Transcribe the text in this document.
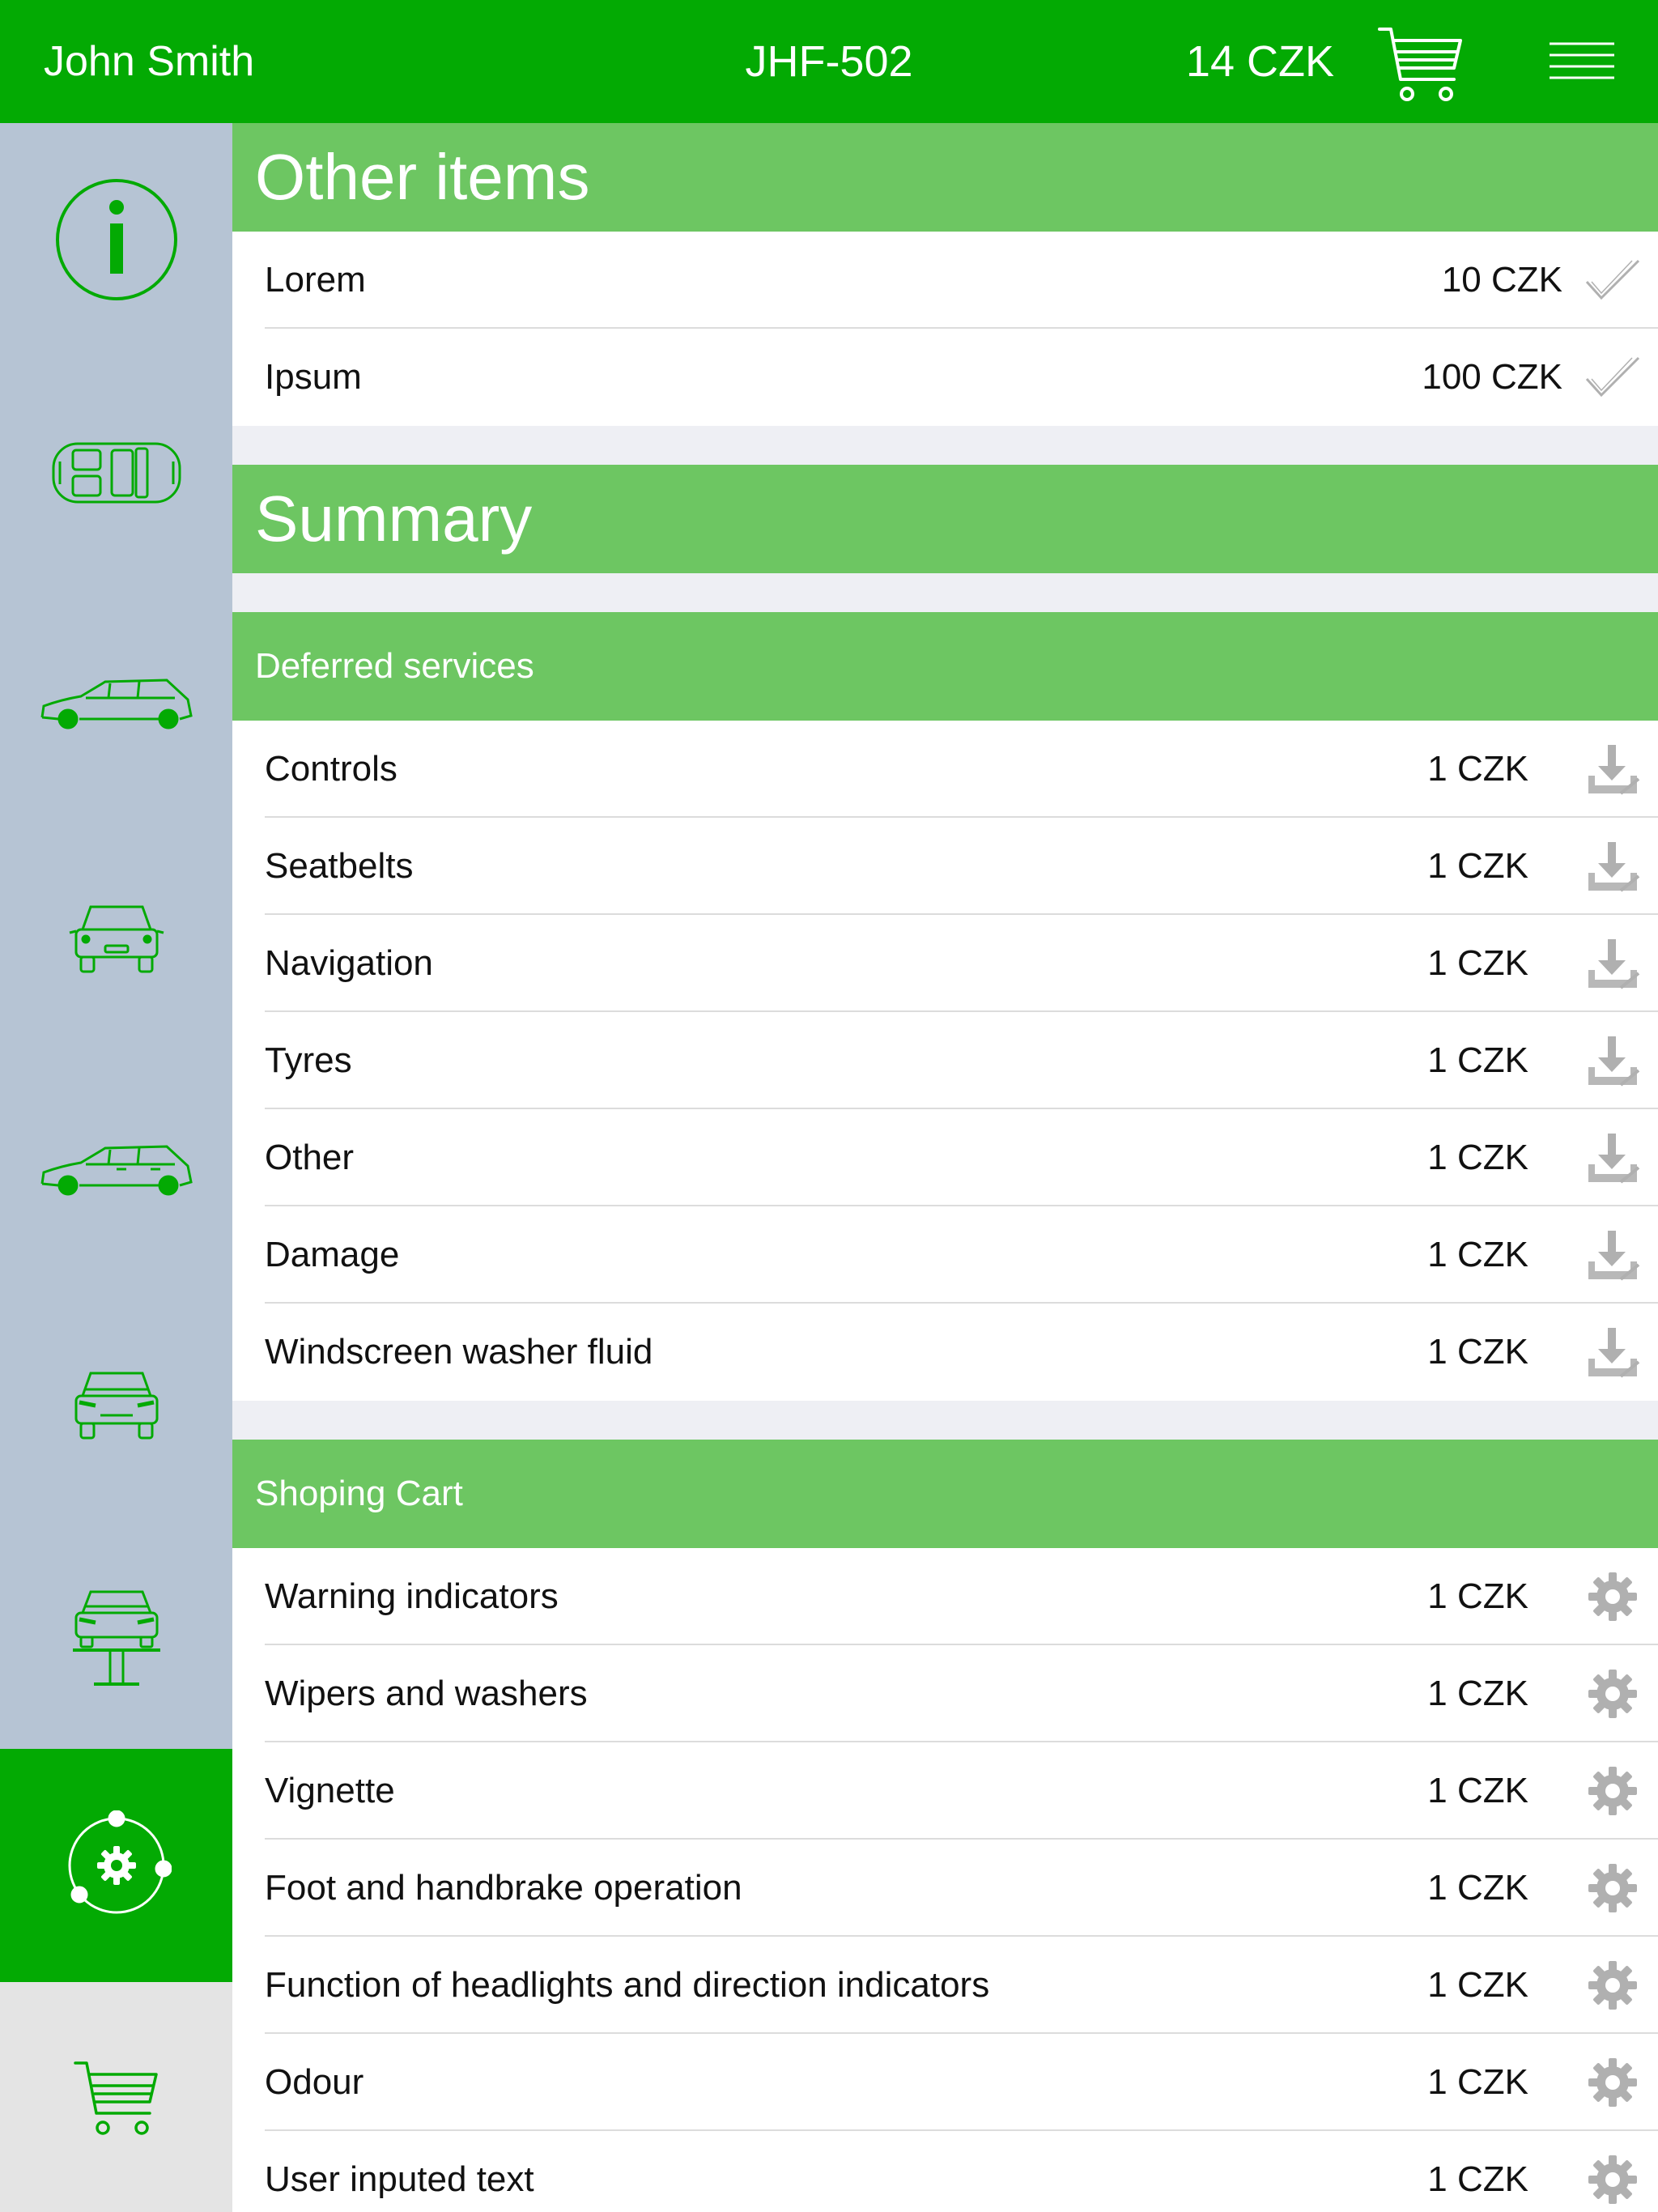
John Smith	JHF-502	14 CZK
Other items
Lorem	10 CZK
Ipsum	100 CZK
Summary
Deferred services
Controls	1 CZK
Seatbelts	1 CZK
Navigation	1 CZK
Tyres	1 CZK
Other	1 CZK
Damage	1 CZK
Windscreen washer fluid	1 CZK
Shoping Cart
Warning indicators	1 CZK
Wipers and washers	1 CZK
Vignette	1 CZK
Foot and handbrake operation	1 CZK
Function of headlights and direction indicators	1 CZK
Odour	1 CZK
User inputed text	1 CZK
